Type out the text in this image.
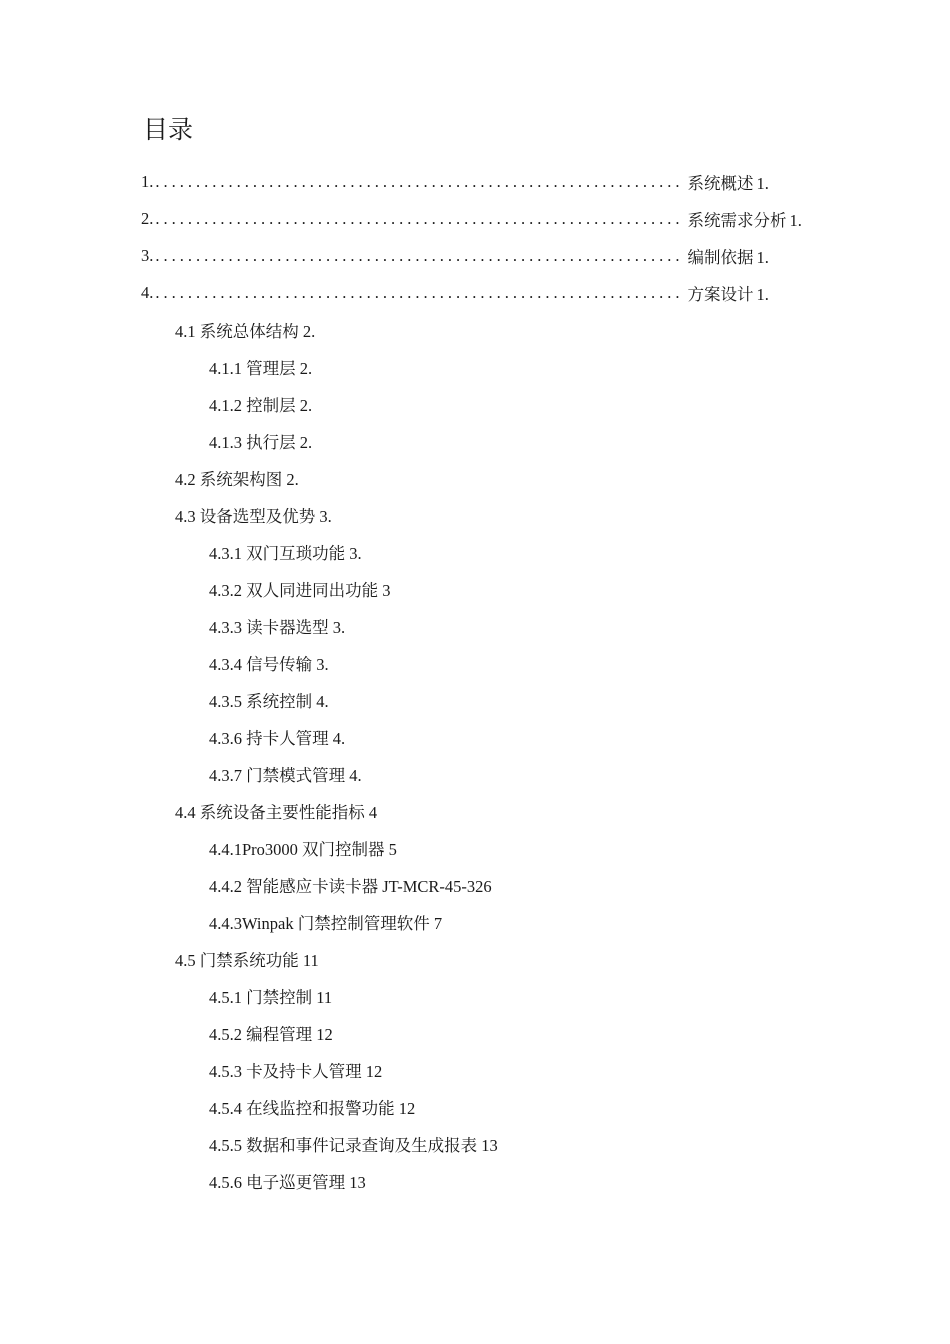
目录
1. ................................................................. 系统概述 1.
2. ................................................................. 系统需求分析 1.
3. ................................................................. 编制依据 1.
4. ................................................................. 方案设计 1.
4.1 系统总体结构 2.
4.1.1 管理层 2.
4.1.2 控制层 2.
4.1.3 执行层 2.
4.2 系统架构图 2.
4.3 设备选型及优势 3.
4.3.1 双门互琐功能 3.
4.3.2 双人同进同出功能 3
4.3.3 读卡器选型 3.
4.3.4 信号传输 3.
4.3.5 系统控制 4.
4.3.6 持卡人管理 4.
4.3.7 门禁模式管理 4.
4.4 系统设备主要性能指标 4
4.4.1Pro3000 双门控制器 5
4.4.2 智能感应卡读卡器 JT-MCR-45-326
4.4.3Winpak 门禁控制管理软件 7
4.5 门禁系统功能 11
4.5.1 门禁控制 11
4.5.2 编程管理 12
4.5.3 卡及持卡人管理 12
4.5.4 在线监控和报警功能 12
4.5.5 数据和事件记录查询及生成报表 13
4.5.6 电子巡更管理 13
